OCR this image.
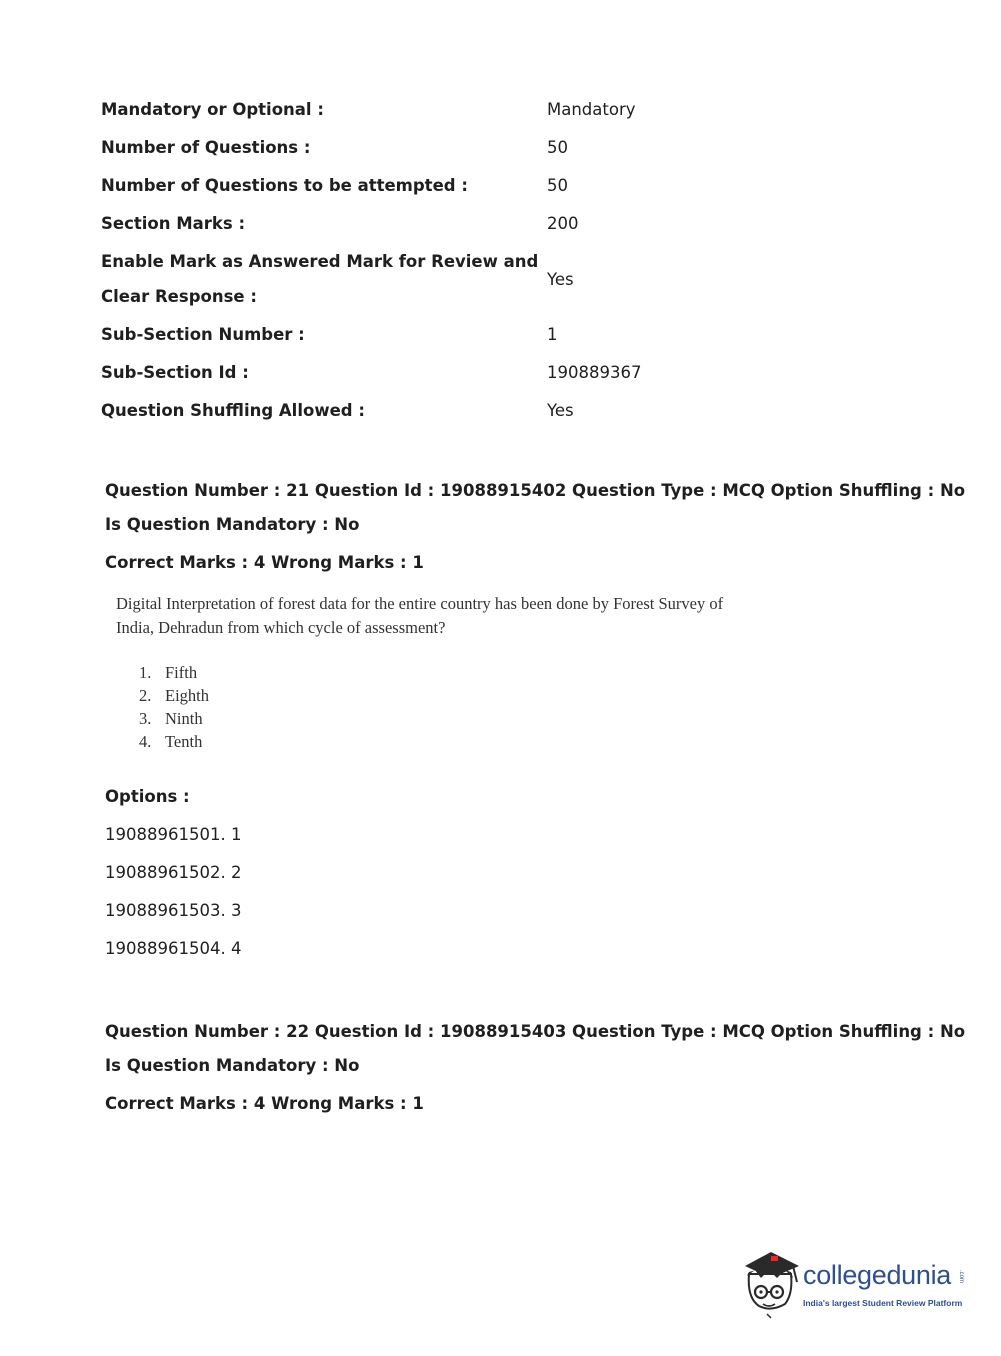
Mandatory or Optional :	Mandatory
Number of Questions :	50
Number of Questions to be attempted :	50
Section Marks :	200
Enable Mark as Answered Mark for Review and
Clear Response :
Yes
Sub-Section Number :	1
Sub-Section Id :	190889367
Question Shuffling Allowed :	Yes
Question Number : 21 Question Id : 19088915402 Question Type : MCQ Option Shuffling : No
Is Question Mandatory : No
Correct Marks : 4 Wrong Marks : 1
Digital Interpretation of forest data for the entire country has been done by Forest Survey of
India, Dehradun from which cycle of assessment?
1. Fifth
2. Eighth
3. Ninth
4. Tenth
Options :
19088961501. 1
19088961502. 2
19088961503. 3
19088961504. 4
Question Number : 22 Question Id : 19088915403 Question Type : MCQ Option Shuffling : No
Is Question Mandatory : No
Correct Marks : 4 Wrong Marks : 1
collegedunia .com
India's largest Student Review Platform
